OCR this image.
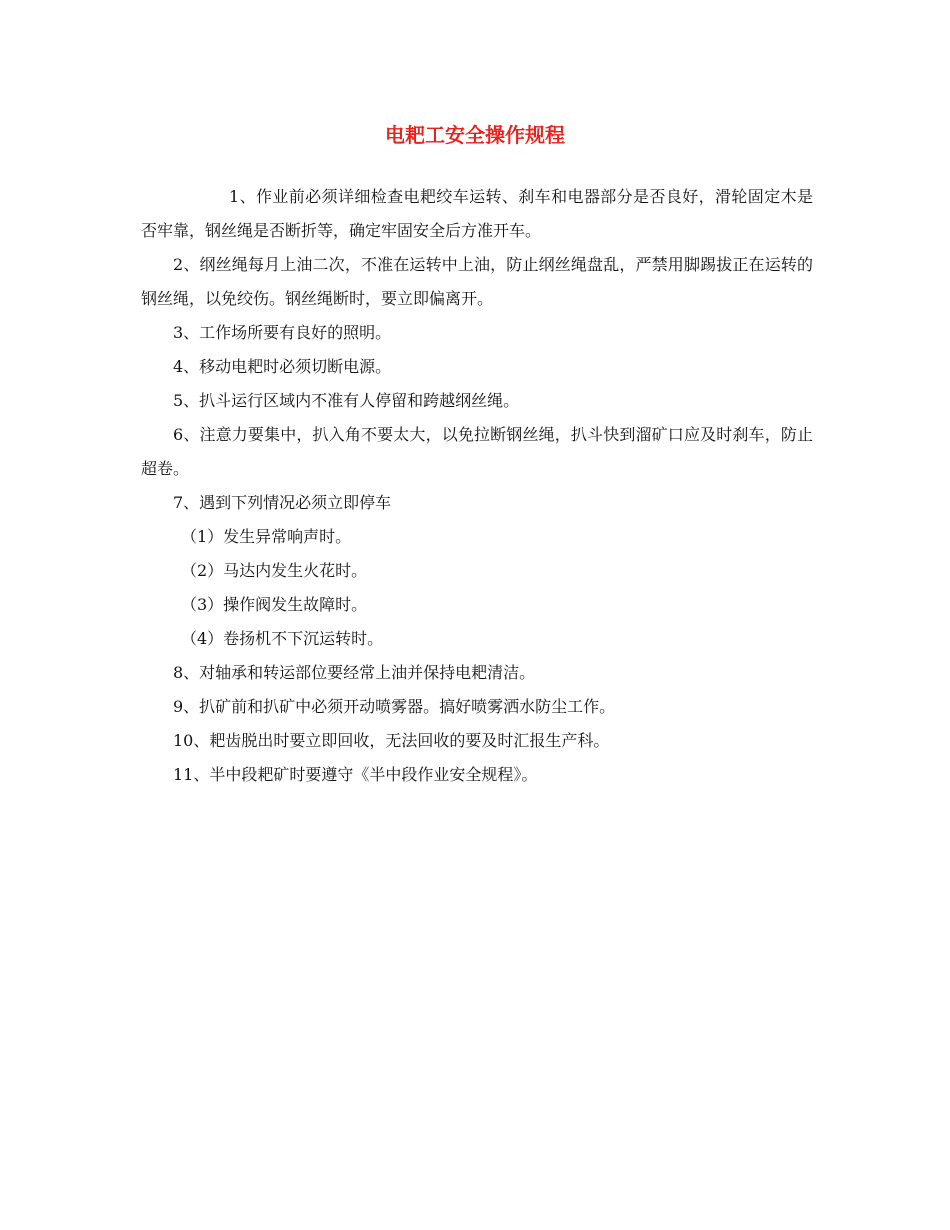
电耙工安全操作规程

1、作业前必须详细检查电耙绞车运转、刹车和电器部分是否良好，滑轮固定木是否牢靠，钢丝绳是否断折等，确定牢固安全后方准开车。

2、纲丝绳每月上油二次，不准在运转中上油，防止纲丝绳盘乱，严禁用脚踢拔正在运转的钢丝绳，以免绞伤。钢丝绳断时，要立即偏离开。

3、工作场所要有良好的照明。

4、移动电耙时必须切断电源。

5、扒斗运行区域内不准有人停留和跨越纲丝绳。

6、注意力要集中，扒入角不要太大，以免拉断钢丝绳，扒斗快到溜矿口应及时刹车，防止超卷。

7、遇到下列情况必须立即停车

（1）发生异常响声时。

（2）马达内发生火花时。

（3）操作阀发生故障时。

（4）卷扬机不下沉运转时。

8、对轴承和转运部位要经常上油并保持电耙清洁。

9、扒矿前和扒矿中必须开动喷雾器。搞好喷雾洒水防尘工作。

10、耙齿脱出时要立即回收，无法回收的要及时汇报生产科。

11、半中段耙矿时要遵守《半中段作业安全规程》。
